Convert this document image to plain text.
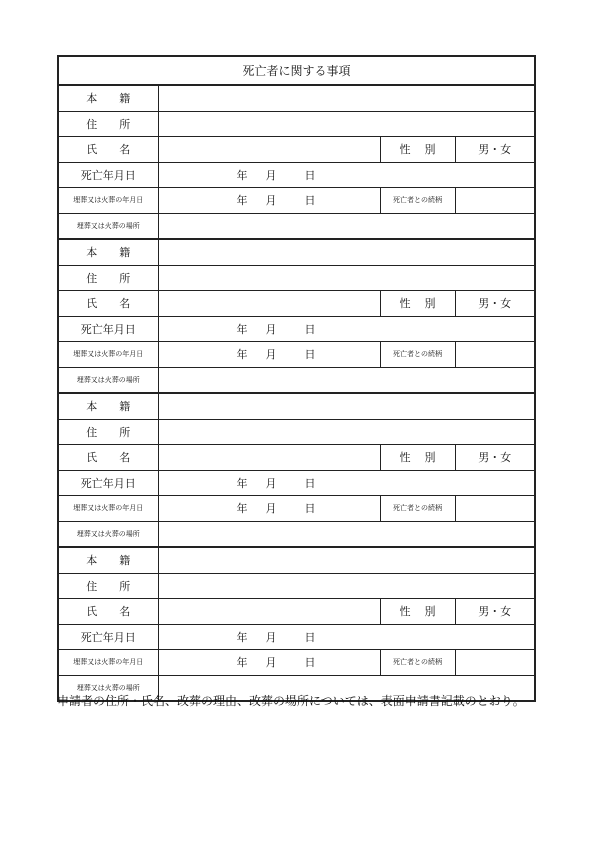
死亡者に関する事項			
本 籍			
住 所			
氏 名		性 別	男・女
死亡年月日	年 月 日		
埋葬又は火葬の年月日	年 月 日	死亡者との続柄	
埋葬又は火葬の場所			
本 籍			
住 所			
氏 名		性 別	男・女
死亡年月日	年 月 日		
埋葬又は火葬の年月日	年 月 日	死亡者との続柄	
埋葬又は火葬の場所			
本 籍			
住 所			
氏 名		性 別	男・女
死亡年月日	年 月 日		
埋葬又は火葬の年月日	年 月 日	死亡者との続柄	
埋葬又は火葬の場所			
本 籍			
住 所			
氏 名		性 別	男・女
死亡年月日	年 月 日		
埋葬又は火葬の年月日	年 月 日	死亡者との続柄	
埋葬又は火葬の場所			
申請者の住所・氏名、改葬の理由、改葬の場所については、表面申請書記載のとおり。
